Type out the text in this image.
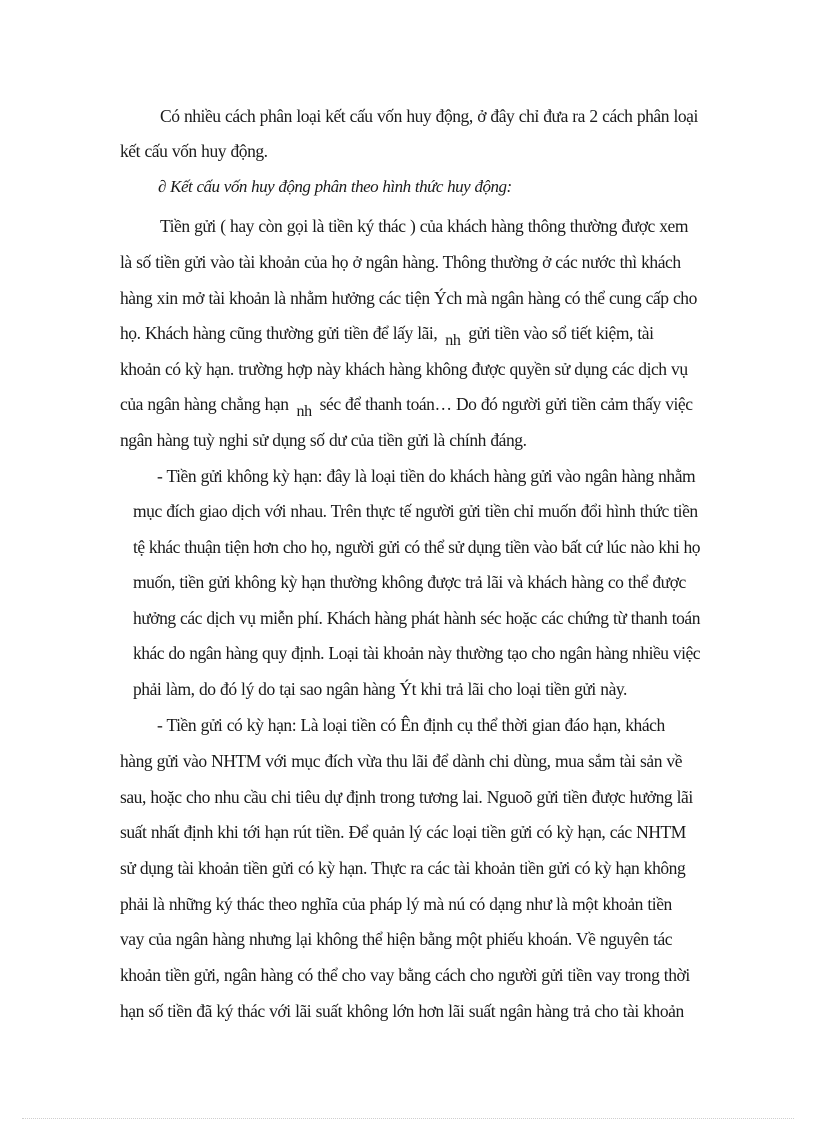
Có nhiều cách phân loại kết cấu vốn huy động, ở đây chỉ đưa ra 2 cách phân loại
kết cấu vốn huy động.
∂ Kết cấu vốn huy động phân theo hình thức huy động:
Tiền gửi ( hay còn gọi là tiền ký thác ) của khách hàng thông thường được xem
là số tiền gửi vào tài khoản của họ ở ngân hàng. Thông thường ở các nước thì khách
hàng xin mở tài khoản là nhằm hưởng các tiện Ých mà ngân hàng có thể cung cấp cho
họ. Khách hàng cũng thường gửi tiền để lấy lãi, nh gửi tiền vào sổ tiết kiệm, tài
khoản có kỳ hạn. trường hợp này khách hàng không được quyền sử dụng các dịch vụ
của ngân hàng chẳng hạn nh séc để thanh toán… Do đó người gửi tiền cảm thấy việc
ngân hàng tuỳ nghi sử dụng số dư của tiền gửi là chính đáng.
- Tiền gửi không kỳ hạn: đây là loại tiền do khách hàng gửi vào ngân hàng nhằm
mục đích giao dịch với nhau. Trên thực tế người gửi tiền chỉ muốn đổi hình thức tiền
tệ khác thuận tiện hơn cho họ, người gửi có thể sử dụng tiền vào bất cứ lúc nào khi họ
muốn, tiền gửi không kỳ hạn thường không được trả lãi và khách hàng co thể được
hưởng các dịch vụ miễn phí. Khách hàng phát hành séc hoặc các chứng từ thanh toán
khác do ngân hàng quy định. Loại tài khoản này thường tạo cho ngân hàng nhiều việc
phải làm, do đó lý do tại sao ngân hàng Ýt khi trả lãi cho loại tiền gửi này.
- Tiền gửi có kỳ hạn: Là loại tiền có Ên định cụ thể thời gian đáo hạn, khách
hàng gửi vào NHTM với mục đích vừa thu lãi để dành chi dùng, mua sắm tài sản về
sau, hoặc cho nhu cầu chi tiêu dự định trong tương lai. Nguoõ gửi tiền được hưởng lãi
suất nhất định khi tới hạn rút tiền. Để quản lý các loại tiền gửi có kỳ hạn, các NHTM
sử dụng tài khoản tiền gửi có kỳ hạn. Thực ra các tài khoản tiền gửi có kỳ hạn không
phải là những ký thác theo nghĩa của pháp lý mà nú có dạng như là một khoản tiền
vay của ngân hàng nhưng lại không thể hiện bằng một phiếu khoán. Về nguyên tác
khoản tiền gửi, ngân hàng có thể cho vay bằng cách cho người gửi tiền vay trong thời
hạn số tiền đã ký thác với lãi suất không lớn hơn lãi suất ngân hàng trả cho tài khoản
